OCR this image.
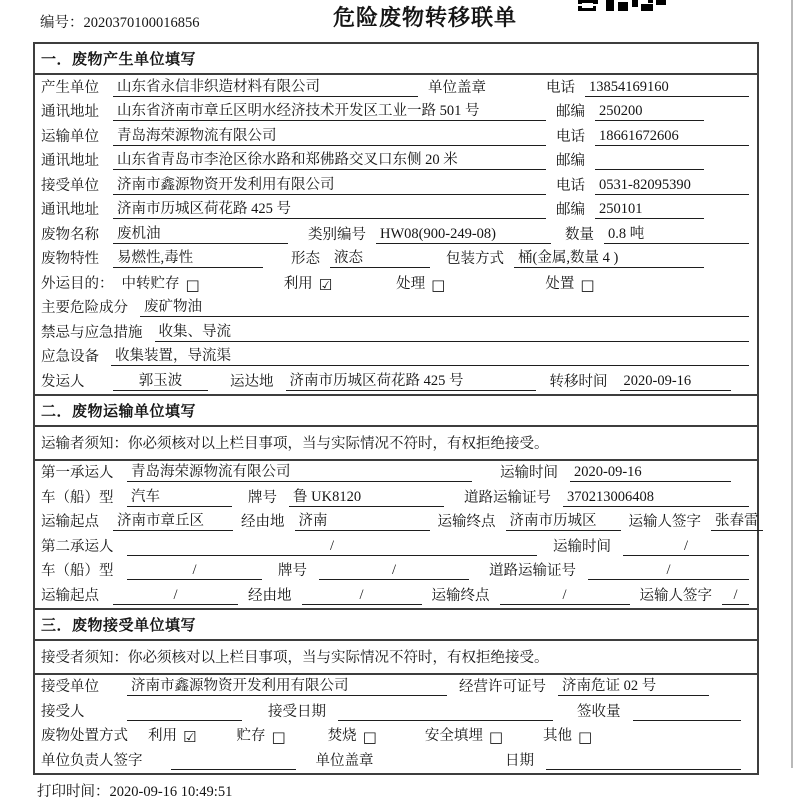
编号：2020370100016856	危险废物转移联单
一．废物产生单位填写
产生单位	山东省永信非织造材料有限公司	单位盖章	电话 13854169160
通讯地址	山东省济南市章丘区明水经济技术开发区工业一路 501 号	邮编 250200
运输单位	青岛海荣源物流有限公司	电话 18661672606
通讯地址	山东省青岛市李沧区徐水路和郑佛路交叉口东侧 20 米	邮编
接受单位	济南市鑫源物资开发利用有限公司	电话 0531-82095390
通讯地址	济南市历城区荷花路 425 号	邮编 250101
废物名称	废机油	类别编号 HW08(900-249-08)	数量 0.8 吨
废物特性	易燃性,毒性	形态 液态	包装方式 桶(金属,数量 4 )
外运目的： 中转贮存 □	利用 ☑	处理 □	处置 □
主要危险成分	废矿物油
禁忌与应急措施	收集、导流
应急设备	收集装置，导流渠
发运人	郭玉波	运达地	济南市历城区荷花路 425 号	转移时间	2020-09-16
二．废物运输单位填写
运输者须知：你必须核对以上栏目事项，当与实际情况不符时，有权拒绝接受。
第一承运人	青岛海荣源物流有限公司	运输时间	2020-09-16
车（船）型	汽车	牌号	鲁 UK8120	道路运输证号	370213006408
运输起点	济南市章丘区	经由地 济南	运输终点 济南市历城区	运输人签字 张春雷
第二承运人	/	运输时间	/
车（船）型	/	牌号	/	道路运输证号	/
运输起点	/	经由地	/	运输终点	/	运输人签字	/
三．废物接受单位填写
接受者须知：你必须核对以上栏目事项，当与实际情况不符时，有权拒绝接受。
接受单位	济南市鑫源物资开发利用有限公司	经营许可证号	济南危证 02 号
接受人	接受日期	签收量
废物处置方式 利用 ☑	贮存 □	焚烧 □	安全填埋 □	其他 □
单位负责人签字	单位盖章	日期
打印时间：2020-09-16 10:49:51
